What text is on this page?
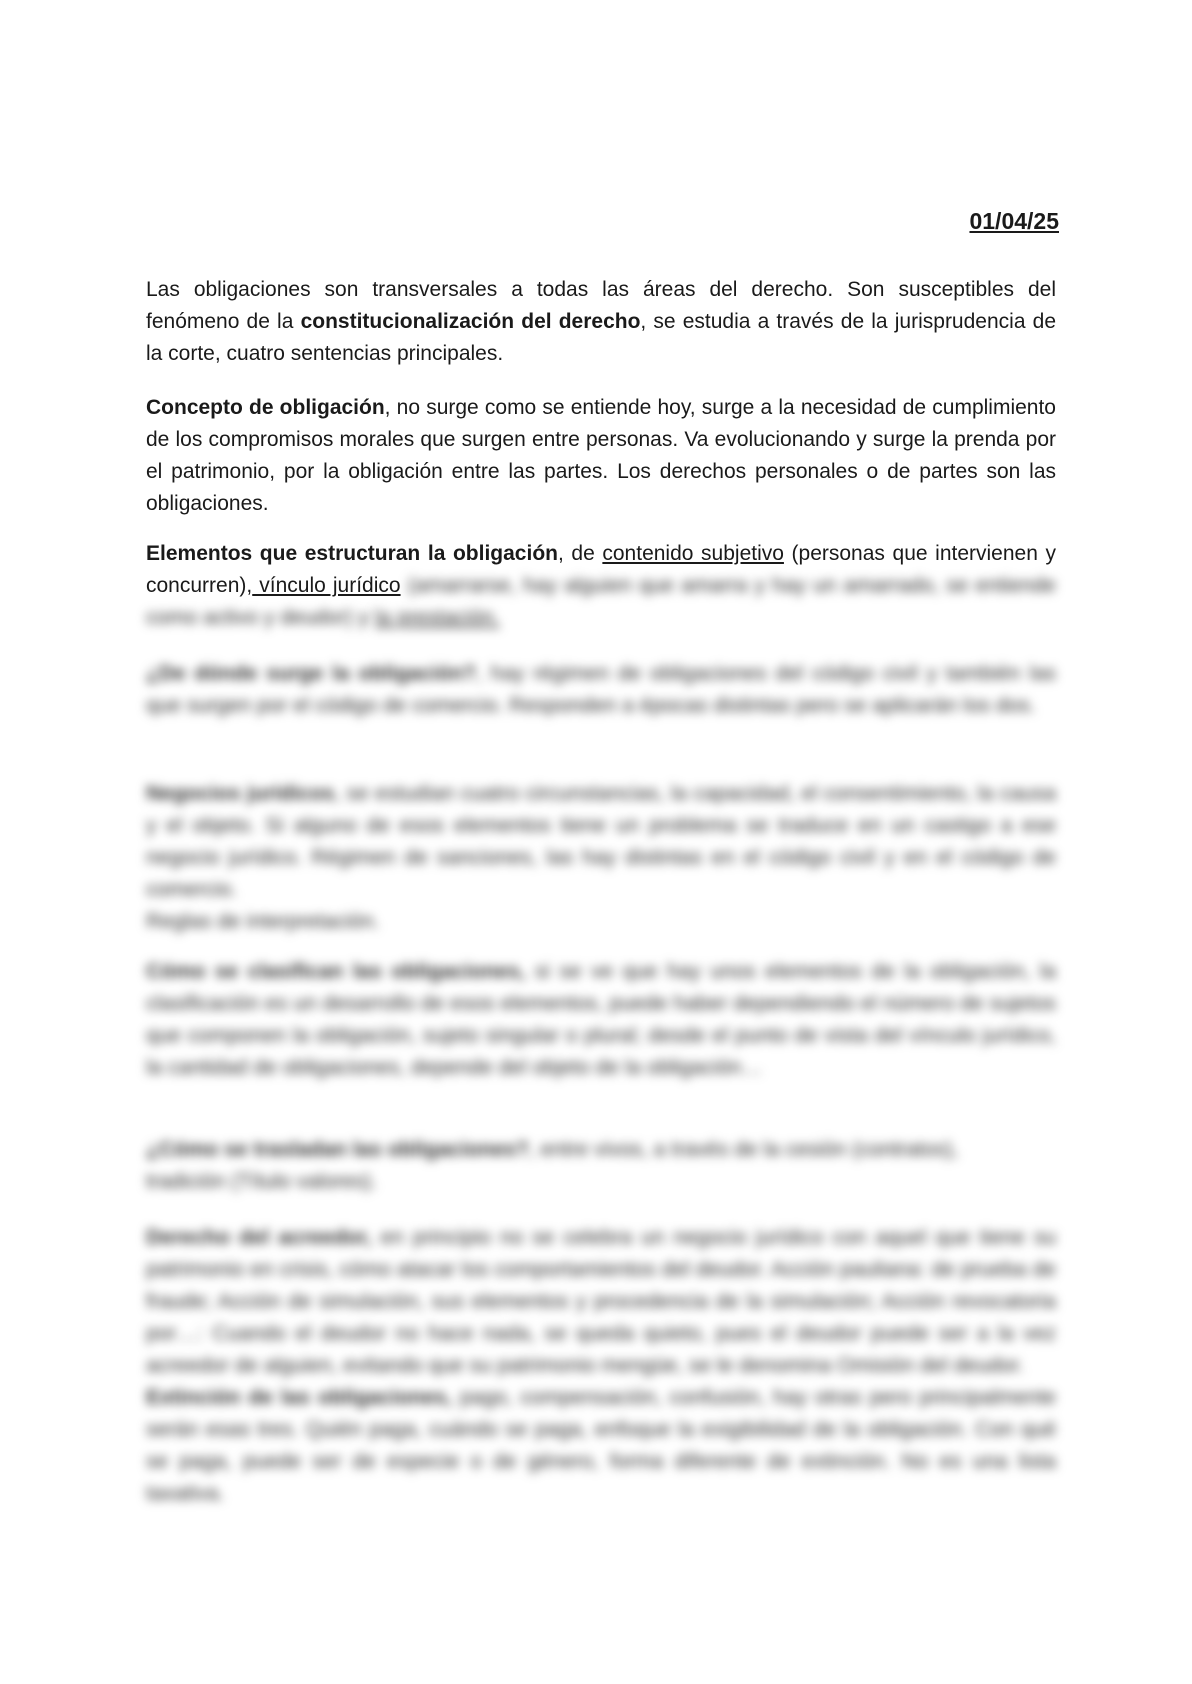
01/04/25

Las obligaciones son transversales a todas las áreas del derecho. Son susceptibles del fenómeno de la constitucionalización del derecho, se estudia a través de la jurisprudencia de la corte, cuatro sentencias principales.

Concepto de obligación, no surge como se entiende hoy, surge a la necesidad de cumplimiento de los compromisos morales que surgen entre personas. Va evolucionando y surge la prenda por el patrimonio, por la obligación entre las partes. Los derechos personales o de partes son las obligaciones.

Elementos que estructuran la obligación, de contenido subjetivo (personas que intervienen y concurren), vínculo jurídico (amarrarse, hay alguien que amarra y hay un amarrado, se entiende como activo y deudor) y la prestación.

¿De dónde surge la obligación?, hay régimen de obligaciones del código civil y también las que surgen por el código de comercio. Responden a épocas distintas pero se aplicarán los dos.

Negocios jurídicos, se estudian cuatro circunstancias, la capacidad, el consentimiento, la causa y el objeto. Si alguno de esos elementos tiene un problema se traduce en un castigo a ese negocio jurídico. Régimen de sanciones, las hay distintas en el código civil y en el código de comercio.
Reglas de interpretación.

Cómo se clasifican las obligaciones, si se ve que hay unos elementos de la obligación, la clasificación es un desarrollo de esos elementos, puede haber dependiendo el número de sujetos que componen la obligación, sujeto singular o plural; desde el punto de vista del vínculo jurídico, la cantidad de obligaciones, depende del objeto de la obligación…

¿Cómo se trasladan las obligaciones?, entre vivos, a través de la cesión (contratos), tradición (Título valores).

Derecho del acreedor, en principio no se celebra un negocio jurídico con aquel que tiene su patrimonio en crisis, cómo atacar los comportamientos del deudor. Acción pauliana: de prueba de fraude; Acción de simulación, sus elementos y procedencia de la simulación; Acción revocatoria por…: Cuando el deudor no hace nada, se queda quieto, pues el deudor puede ser a la vez acreedor de alguien, evitando que su patrimonio mengüe, se le denomina Omisión del deudor.
Extinción de las obligaciones, pago, compensación, confusión, hay otras pero principalmente serán esas tres. Quién paga, cuándo se paga, enfoque la exigibilidad de la obligación. Con qué se paga, puede ser de especie o de género, forma diferente de extinción. No es una lista taxativa.
